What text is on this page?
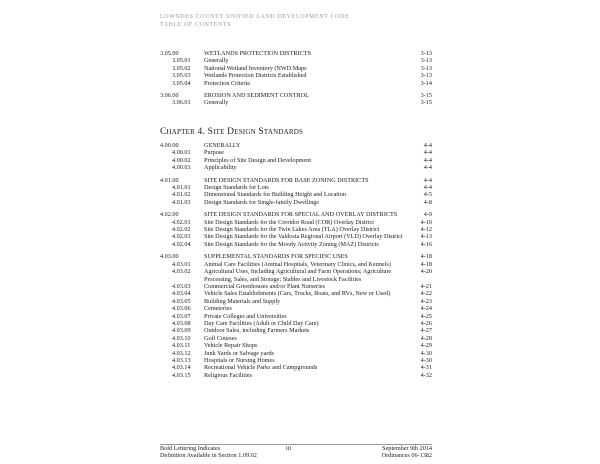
LOWNDES COUNTY UNIFIED LAND DEVELOPMENT CODE
TABLE OF CONTENTS
3.05.00	WETLANDS PROTECTION DISTRICTS	3-13
3.05.01	Generally	3-13
3.05.02	National Wetland Inventory (NWD Maps	3-13
3.05.03	Wetlands Protection Districts Established	3-13
3.05.04	Protection Criteria	3-14
3.06.00	EROSION AND SEDIMENT CONTROL	3-15
3.06.01	Generally	3-15
Chapter 4. Site Design Standards
4.00.00	GENERALLY	4-4
4.00.01	Purpose	4-4
4.00.02	Principles of Site Design and Development	4-4
4.00.03	Applicability	4-4
4.01.00	SITE DESIGN STANDARDS FOR BASE ZONING DISTRICTS	4-4
4.01.01	Design Standards for Lots	4-4
4.01.02	Dimensional Standards for Building Height and Location	4-5
4.01.03	Design Standards for Single-family Dwellings	4-8
4.02.00	SITE DESIGN STANDARDS FOR SPECIAL AND OVERLAY DISTRICTS	4-9
4.02.01	Site Design Standards for the Corridor Road (COR) Overlay District	4-10
4.02.02	Site Design Standards for the Twin Lakes Area (TLA) Overlay District	4-12
4.02.03	Site Design Standards for the Valdosta Regional Airport (VLD) Overlay District	4-13
4.02.04	Site Design Standards for the Moody Activity Zoning (MAZ) Districts	4-16
4.03.00	SUPPLEMENTAL STANDARDS FOR SPECIFIC USES	4-18
4.03.01	Animal Care Facilities (Animal Hospitals, Veterinary Clinics, and Kennels)	4-18
4.03.02	Agricultural Uses, Including Agricultural and Farm Operations; Agriculture Processing, Sales, and Storage; Stables and Livestock Facilities
4-20
4.03.03	Commercial Greenhouses and/or Plant Nurseries	4-21
4.03.04	Vehicle Sales Establishments (Cars, Trucks, Boats, and RVs, New or Used)	4-22
4.03.05	Building Materials and Supply	4-23
4.03.06	Cemeteries	4-24
4.03.07	Private Colleges and Universities	4-25
4.03.08	Day Care Facilities (Adult or Child Day Care)	4-26
4.03.09	Outdoor Sales, including Farmers Markets	4-27
4.03.10	Golf Courses	4-28
4.03.11	Vehicle Repair Shops	4-29
4.03.12	Junk Yards or Salvage yards	4-30
4.03.13	Hospitals or Nursing Homes	4-30
4.03.14	Recreational Vehicle Parks and Campgrounds	4-31
4.03.15	Religious Facilities	4-32
Bold Lettering Indicates
Definition Available in Section 1.09.02
iii	September 9th 2014
Ordinances 06-1382
